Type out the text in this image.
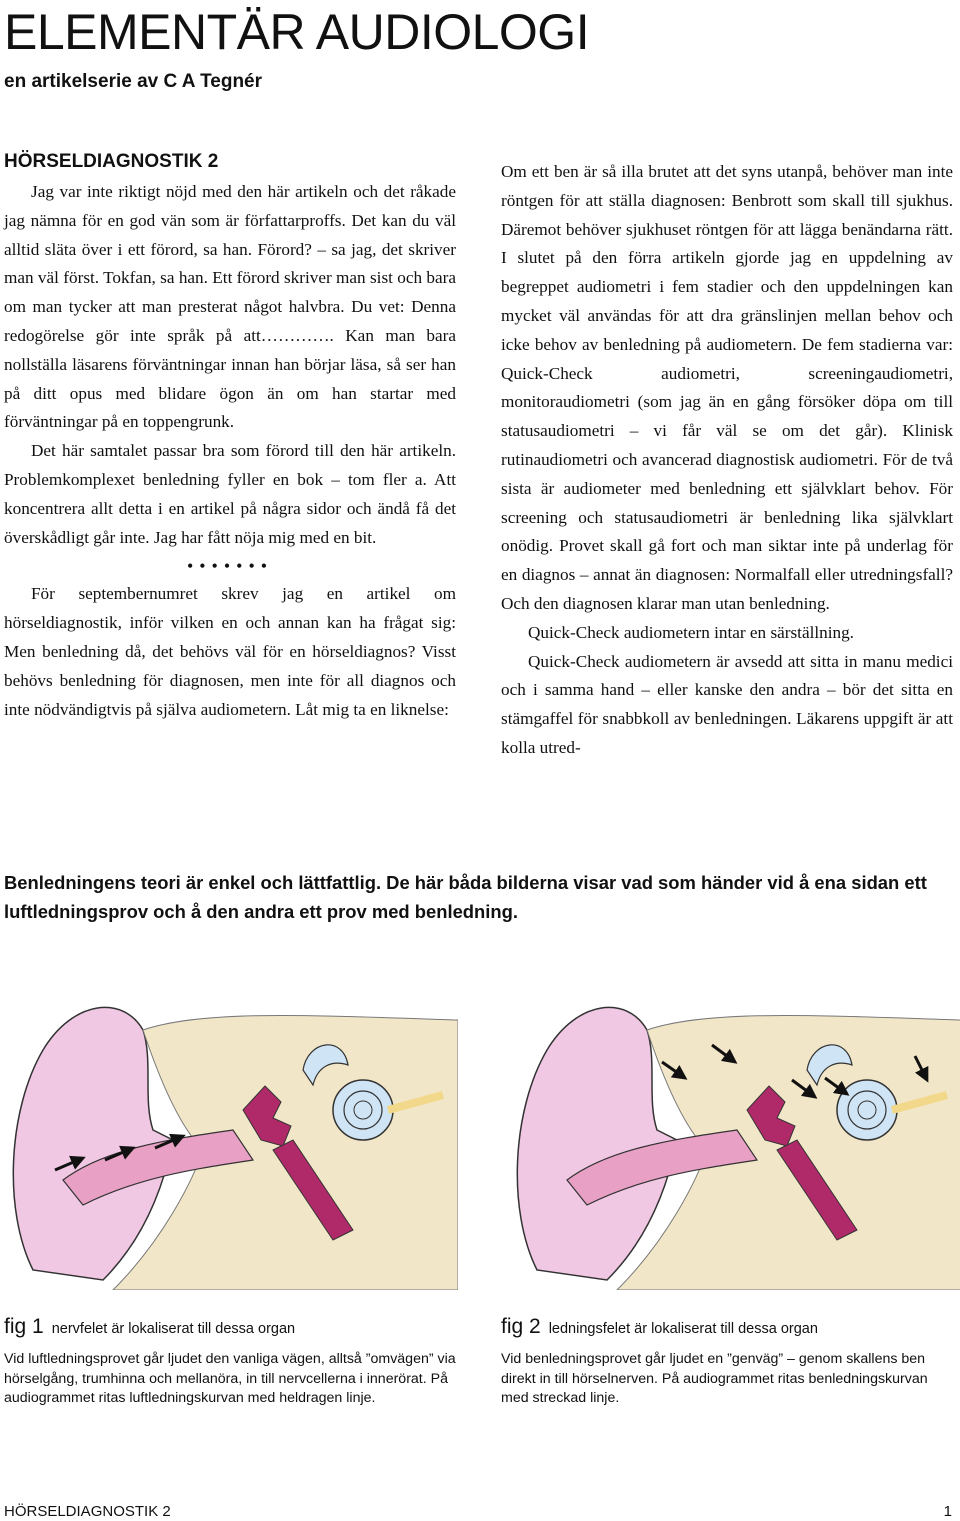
ELEMENTÄR AUDIOLOGI
en artikelserie av C A Tegnér
HÖRSELDIAGNOSTIK 2

Jag var inte riktigt nöjd med den här artikeln och det råkade jag nämna för en god vän som är författarproffs. Det kan du väl alltid släta över i ett förord, sa han. Förord? – sa jag, det skriver man väl först. Tokfan, sa han. Ett förord skriver man sist och bara om man tycker att man presterat något halvbra. Du vet: Denna redogörelse gör inte språk på att…………. Kan man bara nollställa läsarens förväntningar innan han börjar läsa, så ser han på ditt opus med blidare ögon än om han startar med förväntningar på en toppengrunk.

Det här samtalet passar bra som förord till den här artikeln. Problemkomplexet benledning fyller en bok – tom fler a. Att koncentrera allt detta i en artikel på några sidor och ändå få det överskådligt går inte. Jag har fått nöja mig med en bit.

•••••••

För septembernumret skrev jag en artikel om hörseldiagnostik, inför vilken en och annan kan ha frågat sig: Men benledning då, det behövs väl för en hörseldiagnos? Visst behövs benledning för diagnosen, men inte för all diagnos och inte nödvändigtvis på själva audiometern. Låt mig ta en liknelse:

Om ett ben är så illa brutet att det syns utanpå, behöver man inte röntgen för att ställa diagnosen: Benbrott som skall till sjukhus. Däremot behöver sjukhuset röntgen för att lägga benändarna rätt. I slutet på den förra artikeln gjorde jag en uppdelning av begreppet audiometri i fem stadier och den uppdelningen kan mycket väl användas för att dra gränslinjen mellan behov och icke behov av benledning på audiometern. De fem stadierna var: Quick-Check audiometri, screeningaudiometri, monitoraudiometri (som jag än en gång försöker döpa om till statusaudiometri – vi får väl se om det går). Klinisk rutinaudiometri och avancerad diagnostisk audiometri. För de två sista är audiometer med benledning ett självklart behov. För screening och statusaudiometri är benledning lika självklart onödig. Provet skall gå fort och man siktar inte på underlag för en diagnos – annat än diagnosen: Normalfall eller utredningsfall? Och den diagnosen klarar man utan benledning.

Quick-Check audiometern intar en särställning.

Quick-Check audiometern är avsedd att sitta in manu medici och i samma hand – eller kanske den andra – bör det sitta en stämgaffel för snabbkoll av benledningen. Läkarens uppgift är att kolla utred-

Benledningens teori är enkel och lättfattlig. De här båda bilderna visar vad som händer vid å ena sidan ett luftledningsprov och å den andra ett prov med benledning.
fig 1 nervfelet är lokaliserat till dessa organ

Vid luftledningsprovet går ljudet den vanliga vägen, alltså ”omvägen” via hörselgång, trumhinna och mellanöra, in till nervcellerna i innerörat. På audiogrammet ritas luftledningskurvan med heldragen linje.

fig 2 ledningsfelet är lokaliserat till dessa organ

Vid benledningsprovet går ljudet en ”genväg” – genom skallens ben direkt in till hörselnerven. På audiogrammet ritas benledningskurvan med streckad linje.

HÖRSELDIAGNOSTIK 2	1
